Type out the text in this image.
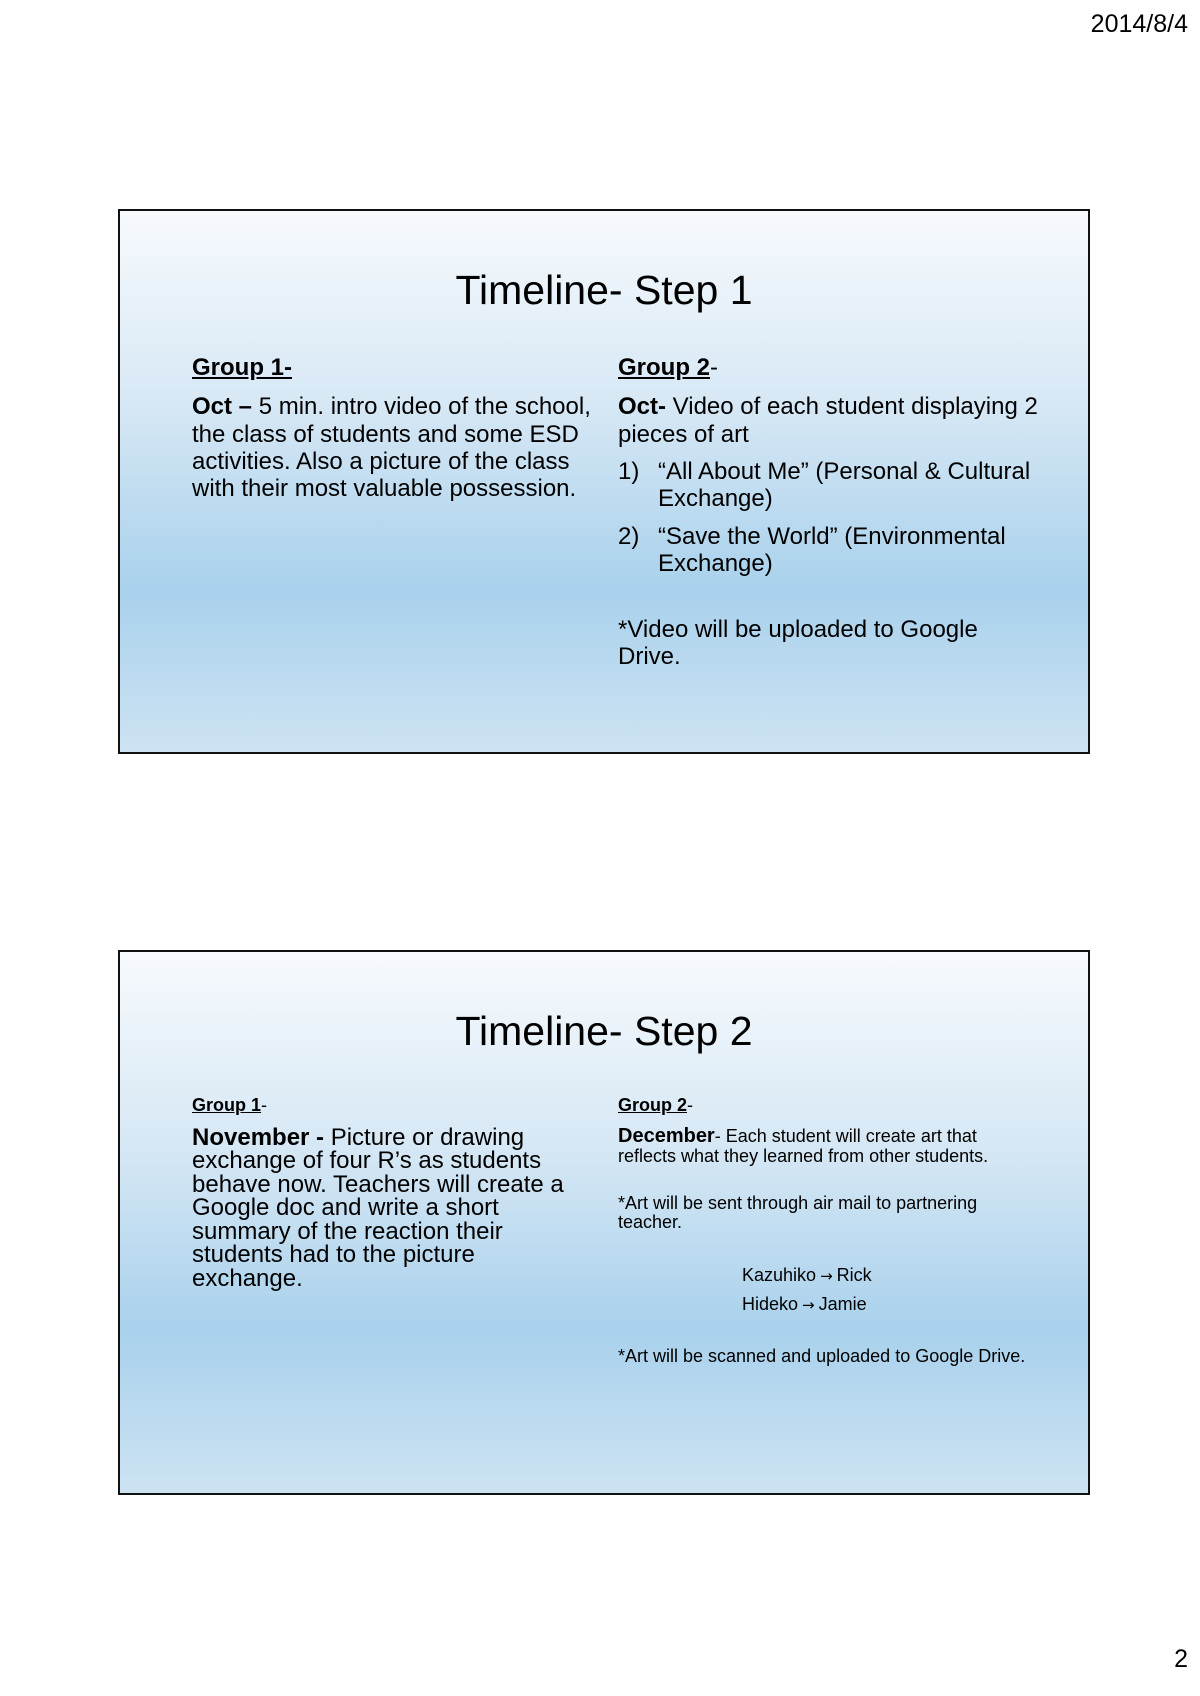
2014/8/4
Timeline- Step 1

Group 1-

Oct – 5 min. intro video of the school, the class of students and some ESD activities. Also a picture of the class with their most valuable possession.

Group 2-

Oct- Video of each student displaying 2 pieces of art

1) “All About Me” (Personal & Cultural Exchange)
2) “Save the World” (Environmental Exchange)

*Video will be uploaded to Google Drive.

Timeline- Step 2

Group 1-

November - Picture or drawing exchange of four R’s as students behave now. Teachers will create a Google doc and write a short summary of the reaction their students had to the picture exchange.

Group 2-

December- Each student will create art that reflects what they learned from other students.

*Art will be sent through air mail to partnering teacher.

Kazuhiko → Rick
Hideko → Jamie

*Art will be scanned and uploaded to Google Drive.

2
